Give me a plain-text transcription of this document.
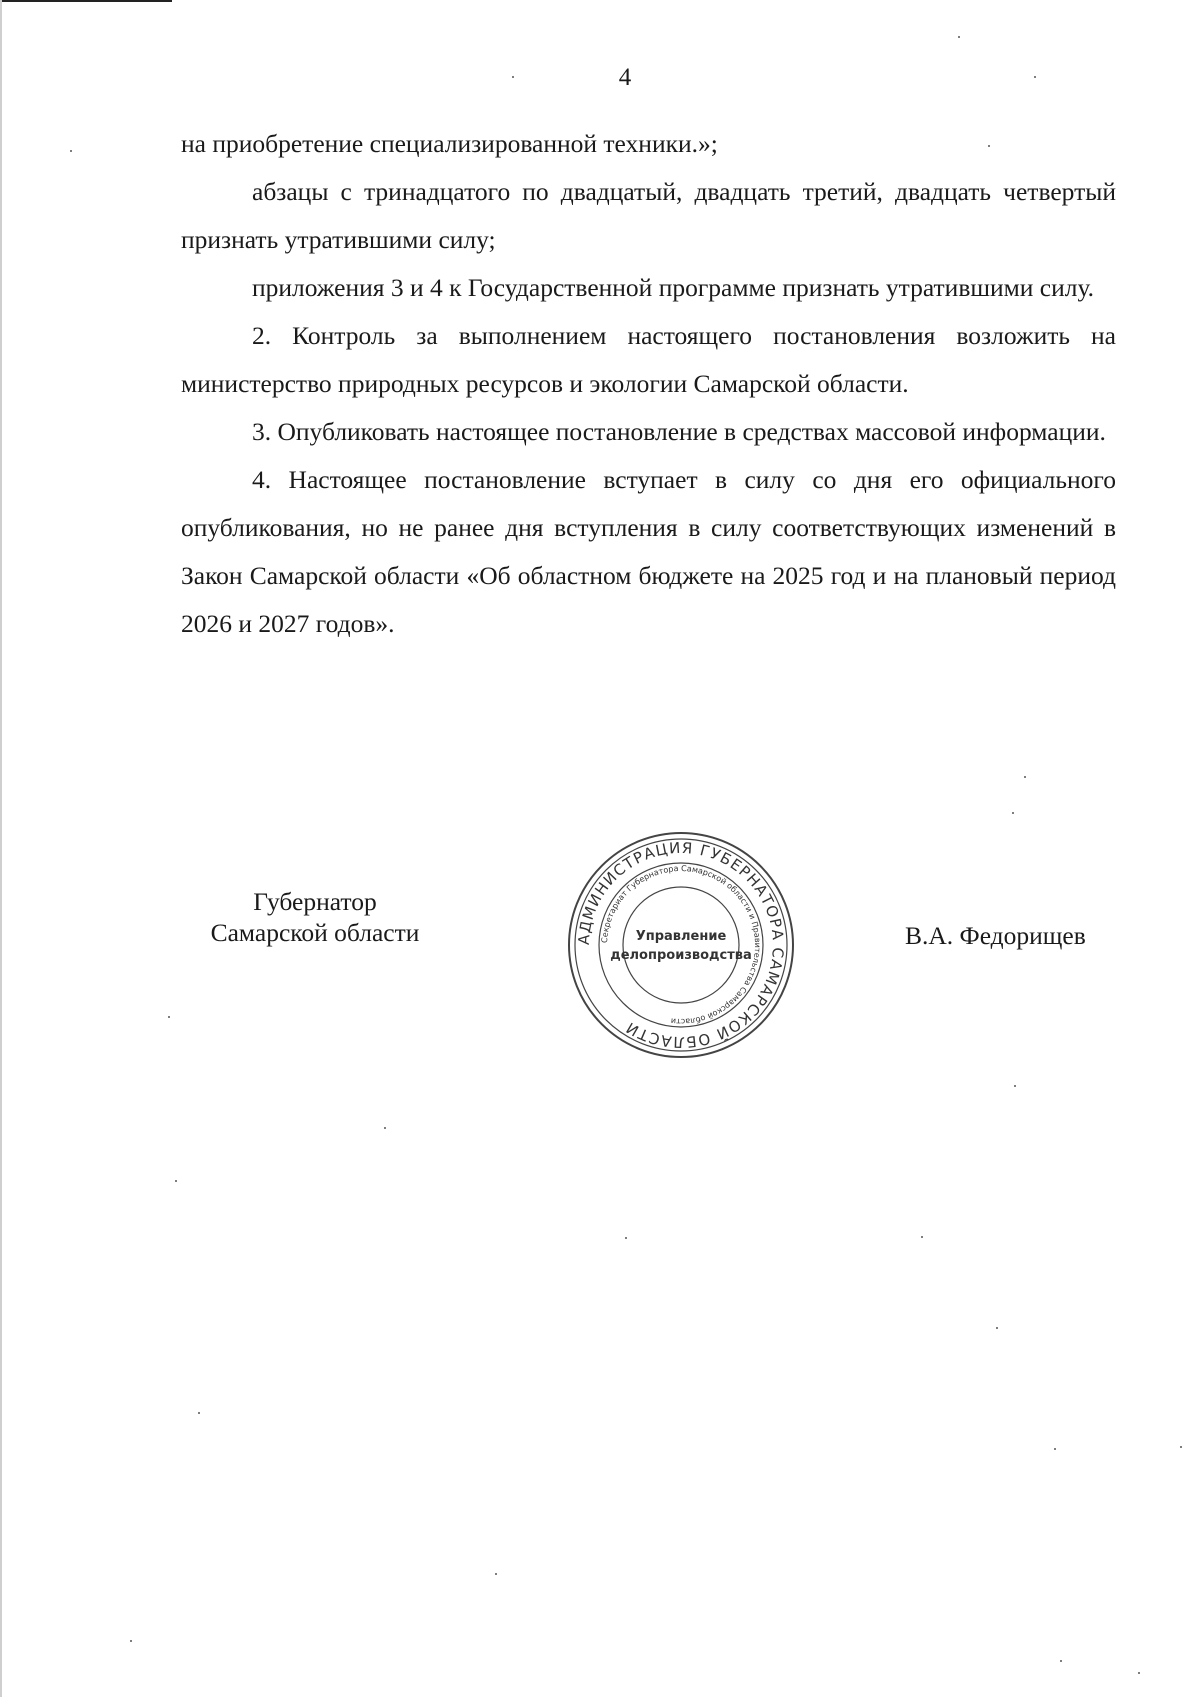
4

на приобретение специализированной техники.»;

абзацы с тринадцатого по двадцатый, двадцать третий, двадцать четвертый признать утратившими силу;

приложения 3 и 4 к Государственной программе признать утратившими силу.

2. Контроль за выполнением настоящего постановления возложить на министерство природных ресурсов и экологии Самарской области.

3. Опубликовать настоящее постановление в средствах массовой информации.

4. Настоящее постановление вступает в силу со дня его официального опубликования, но не ранее дня вступления в силу соответствующих изменений в Закон Самарской области «Об областном бюджете на 2025 год и на плановый период 2026 и 2027 годов».

Губернатор
Самарской области	В.А. Федорищев
АДМИНИСТРАЦИЯ ГУБЕРНАТОРА САМАРСКОЙ ОБЛАСТИ
Секретариат Губернатора Самарской области и Правительства Самарской области
Управление
делопроизводства
